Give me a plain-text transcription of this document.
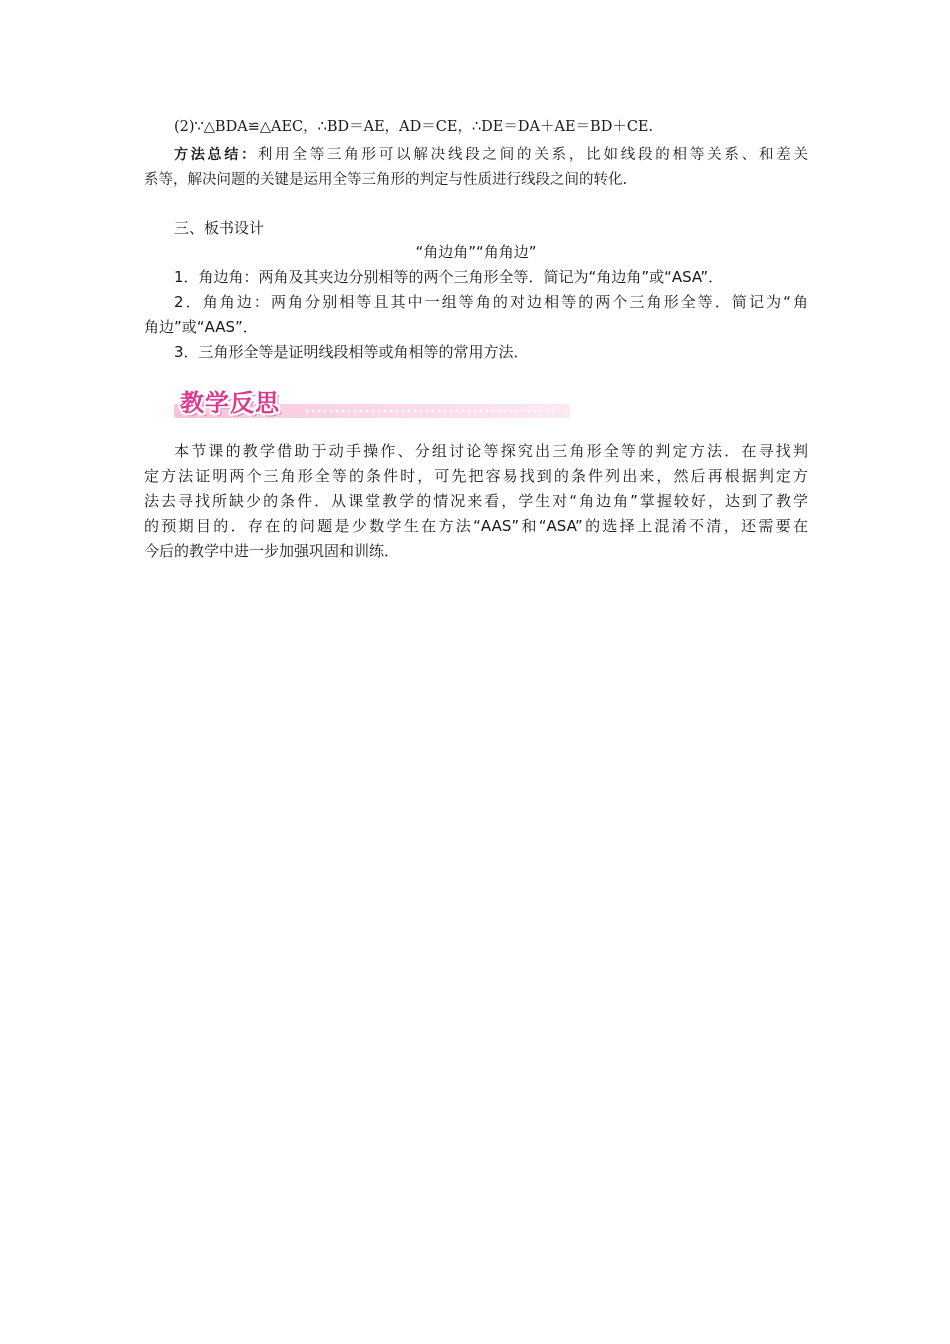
(2)∵△BDA≌△AEC，∴BD＝AE，AD＝CE，∴DE＝DA＋AE＝BD＋CE.
方法总结：利用全等三角形可以解决线段之间的关系，比如线段的相等关系、和差关
系等，解决问题的关键是运用全等三角形的判定与性质进行线段之间的转化.
三、板书设计
“角边角”“角角边”
1．角边角：两角及其夹边分别相等的两个三角形全等．简记为“角边角”或“ASA”．
2．角角边：两角分别相等且其中一组等角的对边相等的两个三角形全等．简记为“角
角边”或“AAS”．
3．三角形全等是证明线段相等或角相等的常用方法．
教学反思
本节课的教学借助于动手操作、分组讨论等探究出三角形全等的判定方法．在寻找判
定方法证明两个三角形全等的条件时，可先把容易找到的条件列出来，然后再根据判定方
法去寻找所缺少的条件．从课堂教学的情况来看，学生对“角边角”掌握较好，达到了教学
的预期目的．存在的问题是少数学生在方法“AAS”和“ASA”的选择上混淆不清，还需要在
今后的教学中进一步加强巩固和训练．
